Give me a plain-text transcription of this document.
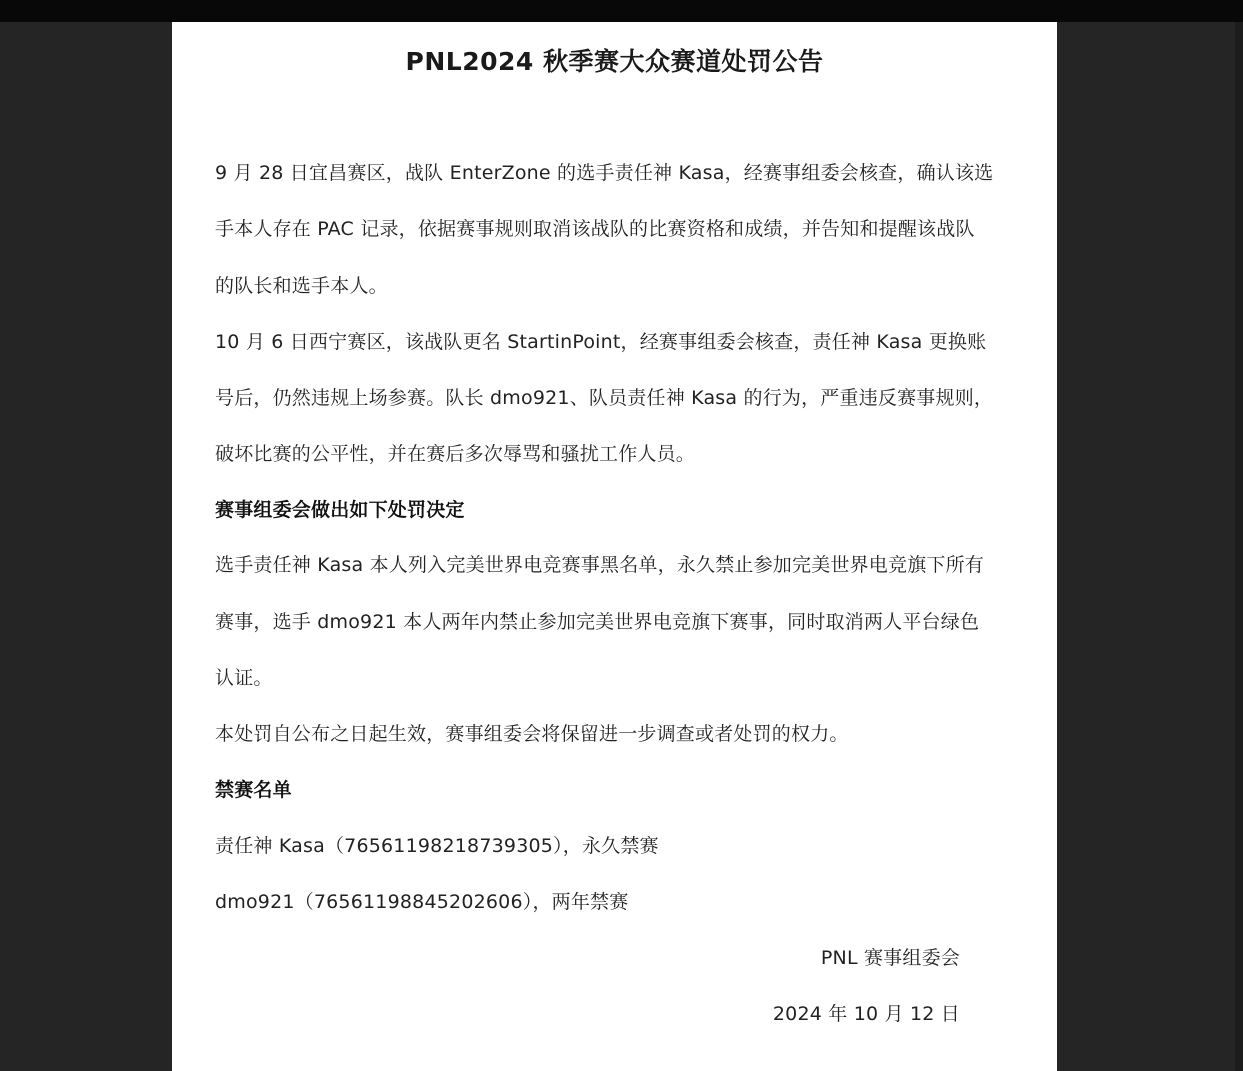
PNL2024 秋季赛大众赛道处罚公告
9 月 28 日宜昌赛区，战队 EnterZone 的选手责任神 Kasa，经赛事组委会核查，确认该选
手本人存在 PAC 记录，依据赛事规则取消该战队的比赛资格和成绩，并告知和提醒该战队
的队长和选手本人。
10 月 6 日西宁赛区，该战队更名 StartinPoint，经赛事组委会核查，责任神 Kasa 更换账
号后，仍然违规上场参赛。队长 dmo921、队员责任神 Kasa 的行为，严重违反赛事规则，
破坏比赛的公平性，并在赛后多次辱骂和骚扰工作人员。
赛事组委会做出如下处罚决定
选手责任神 Kasa 本人列入完美世界电竞赛事黑名单，永久禁止参加完美世界电竞旗下所有
赛事，选手 dmo921 本人两年内禁止参加完美世界电竞旗下赛事，同时取消两人平台绿色
认证。
本处罚自公布之日起生效，赛事组委会将保留进一步调查或者处罚的权力。
禁赛名单
责任神 Kasa（76561198218739305），永久禁赛
dmo921（76561198845202606），两年禁赛
PNL 赛事组委会
2024 年 10 月 12 日
